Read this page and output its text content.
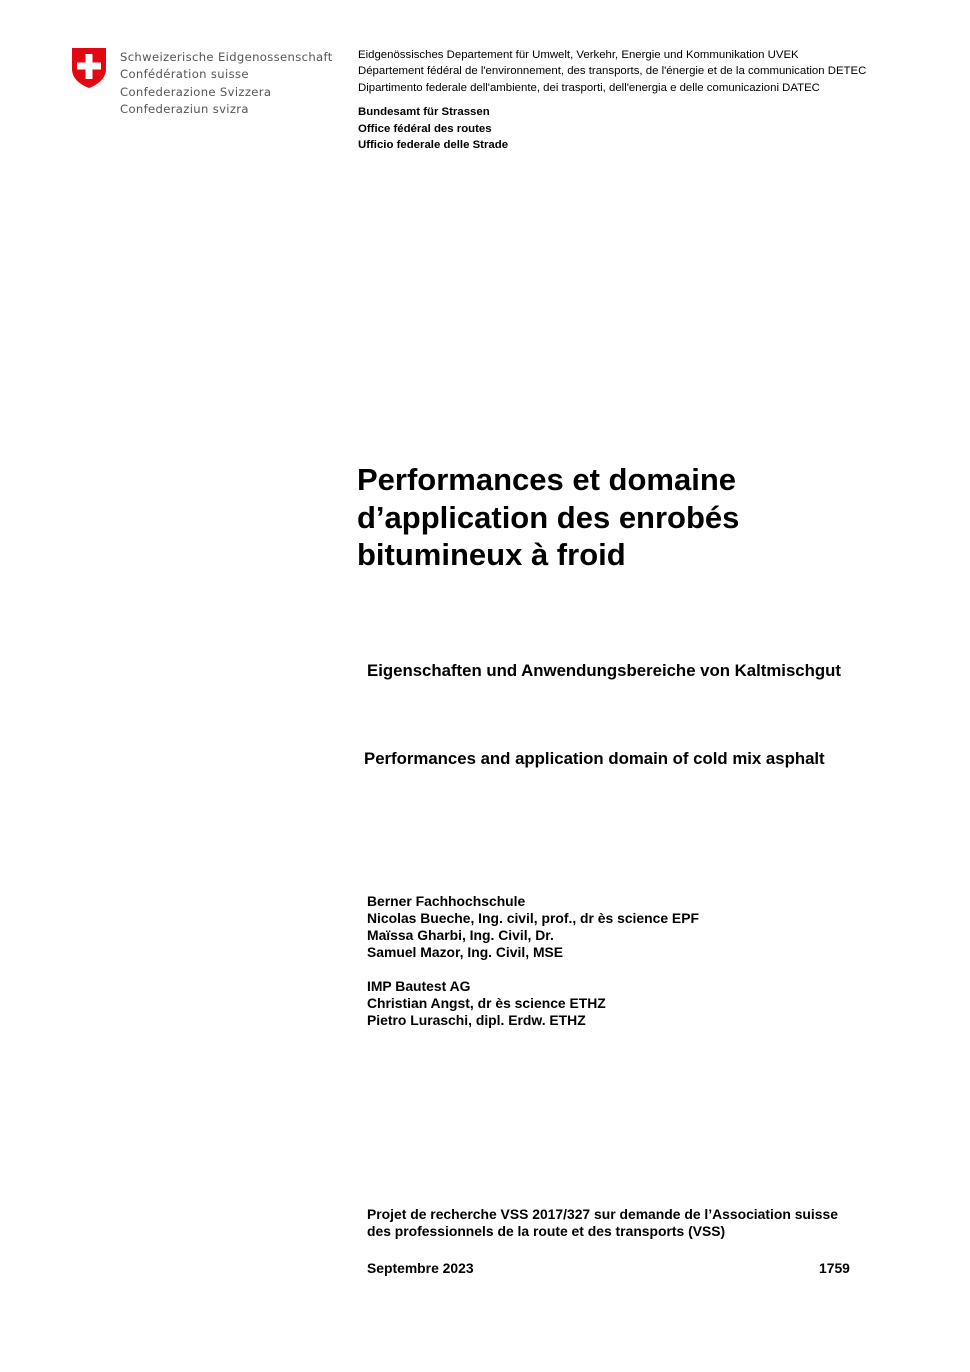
Schweizerische Eidgenossenschaft
Confédération suisse
Confederazione Svizzera
Confederaziun svizra
Eidgenössisches Departement für Umwelt, Verkehr, Energie und Kommunikation UVEK
Département fédéral de l'environnement, des transports, de l'énergie et de la communication DETEC
Dipartimento federale dell'ambiente, dei trasporti, dell'energia e delle comunicazioni DATEC
Bundesamt für Strassen
Office fédéral des routes
Ufficio federale delle Strade
Performances et domaine
d’application des enrobés
bitumineux à froid
Eigenschaften und Anwendungsbereiche von Kaltmischgut
Performances and application domain of cold mix asphalt
Berner Fachhochschule
Nicolas Bueche, Ing. civil, prof., dr ès science EPF
Maïssa Gharbi, Ing. Civil, Dr.
Samuel Mazor, Ing. Civil, MSE
IMP Bautest AG
Christian Angst, dr ès science ETHZ
Pietro Luraschi, dipl. Erdw. ETHZ
Projet de recherche VSS 2017/327 sur demande de l’Association suisse
des professionnels de la route et des transports (VSS)
Septembre 2023	1759
